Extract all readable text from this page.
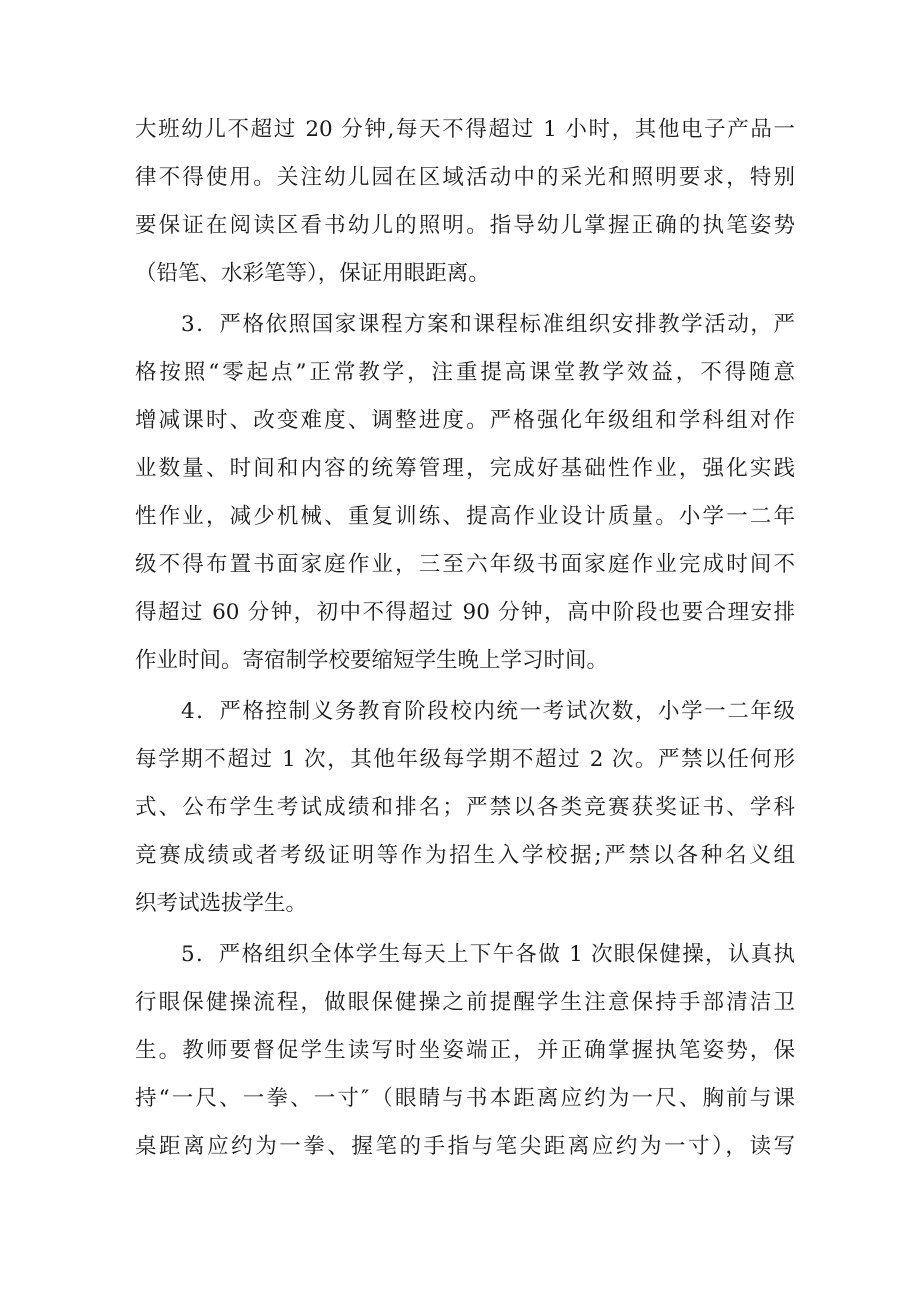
大班幼儿不超过 20 分钟,每天不得超过 1 小时，其他电子产品一
律不得使用。关注幼儿园在区域活动中的采光和照明要求，特别
要保证在阅读区看书幼儿的照明。指导幼儿掌握正确的执笔姿势
（铅笔、水彩笔等），保证用眼距离。
3．严格依照国家课程方案和课程标准组织安排教学活动，严
格按照“零起点”正常教学，注重提高课堂教学效益，不得随意
增减课时、改变难度、调整进度。严格强化年级组和学科组对作
业数量、时间和内容的统筹管理，完成好基础性作业，强化实践
性作业，减少机械、重复训练、提高作业设计质量。小学一二年
级不得布置书面家庭作业，三至六年级书面家庭作业完成时间不
得超过 60 分钟，初中不得超过 90 分钟，高中阶段也要合理安排
作业时间。寄宿制学校要缩短学生晚上学习时间。
4．严格控制义务教育阶段校内统一考试次数，小学一二年级
每学期不超过 1 次，其他年级每学期不超过 2 次。严禁以任何形
式、公布学生考试成绩和排名；严禁以各类竞赛获奖证书、学科
竞赛成绩或者考级证明等作为招生入学校据;严禁以各种名义组
织考试选拔学生。
5．严格组织全体学生每天上下午各做 1 次眼保健操，认真执
行眼保健操流程，做眼保健操之前提醒学生注意保持手部清洁卫
生。教师要督促学生读写时坐姿端正，并正确掌握执笔姿势，保
持“一尺、一拳、一寸″（眼睛与书本距离应约为一尺、胸前与课
桌距离应约为一拳、握笔的手指与笔尖距离应约为一寸），读写
